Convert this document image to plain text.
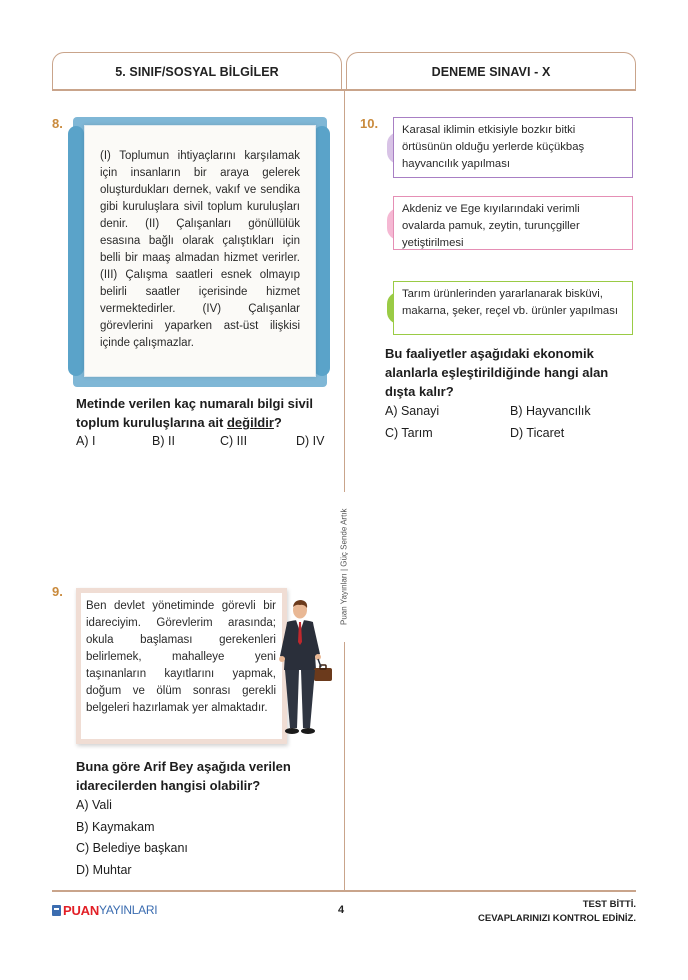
5. SINIF/SOSYAL BİLGİLER	DENEME SINAVI - X
Puan Yayınları | Güç Sende Artık
8.
(I) Toplumun ihtiyaçlarını karşılamak için insanların bir araya gelerek oluşturdukları dernek, vakıf ve sendika gibi kuruluşlara sivil toplum kuruluşları denir. (II) Çalışanları gönüllülük esasına bağlı olarak çalıştıkları için belli bir maaş almadan hizmet verirler. (III) Çalışma saatleri esnek olmayıp belirli saatler içerisinde hizmet vermektedirler. (IV) Çalışanlar görevlerini yaparken ast-üst ilişkisi içinde çalışmazlar.
Metinde verilen kaç numaralı bilgi sivil toplum kuruluşlarına ait değildir?
A) I	B) II	C) III	D) IV
9.
Ben devlet yönetiminde görevli bir idareciyim. Görevlerim arasında; okula başlaması gerekenleri belirlemek, mahalleye yeni taşınanların kayıtlarını yapmak, doğum ve ölüm sonrası gerekli belgeleri hazırlamak yer almaktadır.
Buna göre Arif Bey aşağıda verilen idarecilerden hangisi olabilir?
A) Vali
B) Kaymakam
C) Belediye başkanı
D) Muhtar
10.	Karasal iklimin etkisiyle bozkır bitki örtüsünün olduğu yerlerde küçükbaş hayvancılık yapılması
Akdeniz ve Ege kıyılarındaki verimli ovalarda pamuk, zeytin, turunçgiller yetiştirilmesi
Tarım ürünlerinden yararlanarak bisküvi, makarna, şeker, reçel vb. ürünler yapılması
Bu faaliyetler aşağıdaki ekonomik alanlarla eşleştirildiğinde hangi alan dışta kalır?
A) Sanayi	B) Hayvancılık
C) Tarım	D) Ticaret
PUAN YAYINLARI	4	TEST BİTTİ.
CEVAPLARINIZI KONTROL EDİNİZ.
